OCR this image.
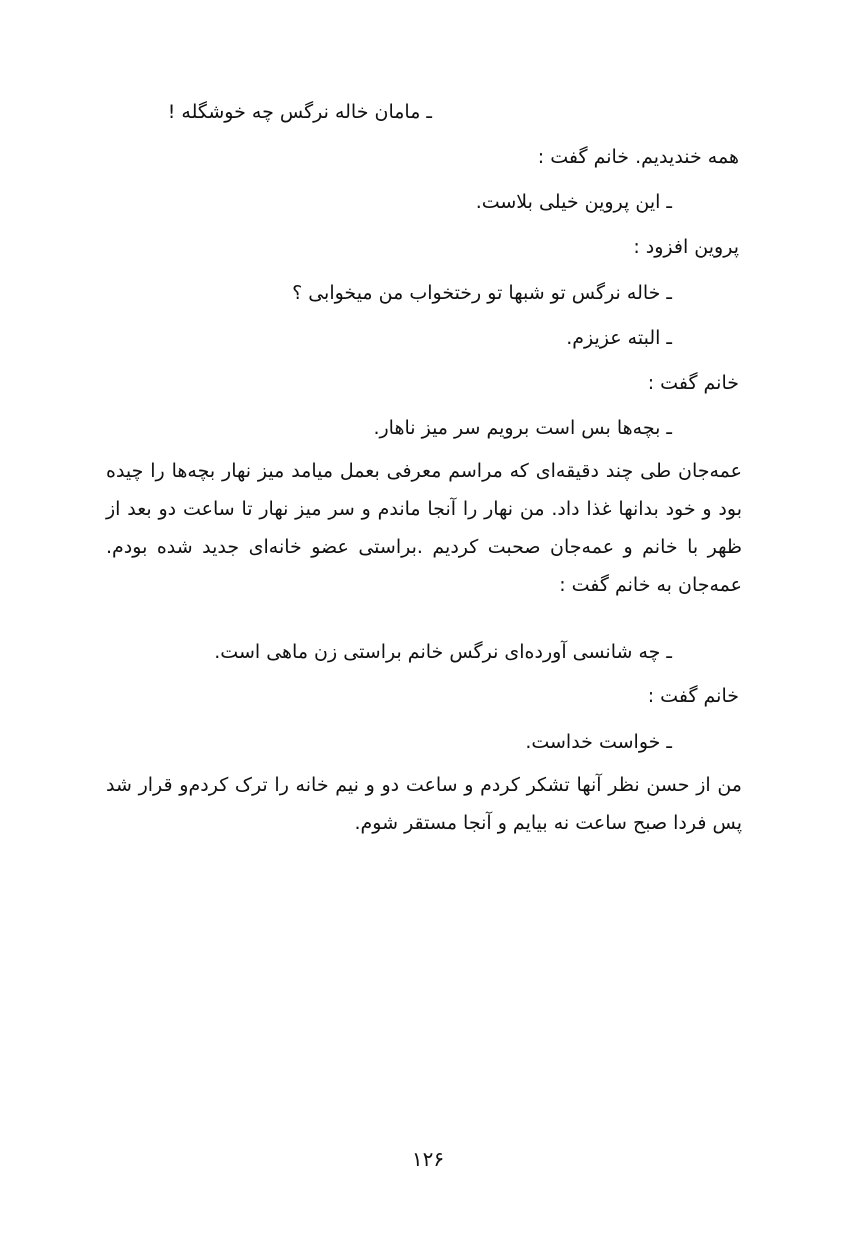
ـ مامان خاله نرگس چه خوشگله !
همه خندیدیم. خانم گفت :
ـ این پروین خیلی بلاست.
پروین افزود :
ـ خاله نرگس تو شبها تو رختخواب من میخوابی ؟
ـ البته عزیزم.
خانم گفت :
ـ بچه‌ها بس است برویم سر میز ناهار.
عمه‌جان طی چند دقیقه‌ای که مراسم معرفی بعمل میامد میز نهار بچه‌ها را چیده بود و خود بدانها غذا داد. من نهار را آنجا ماندم و سر میز نهار تا ساعت دو بعد از ظهر با خانم و عمه‌جان صحبت کردیم .براستی عضو خانه‌ای جدید شده بودم. عمه‌جان به خانم گفت :
ـ چه شانسی آورده‌ای نرگس خانم براستی زن ماهی است.
خانم گفت :
ـ خواست خداست.
من از حسن نظر آنها تشکر کردم و ساعت دو و نیم خانه را ترک کردم‌و قرار شد پس فردا صبح ساعت نه بیایم و آنجا مستقر شوم.
۱۲۶
